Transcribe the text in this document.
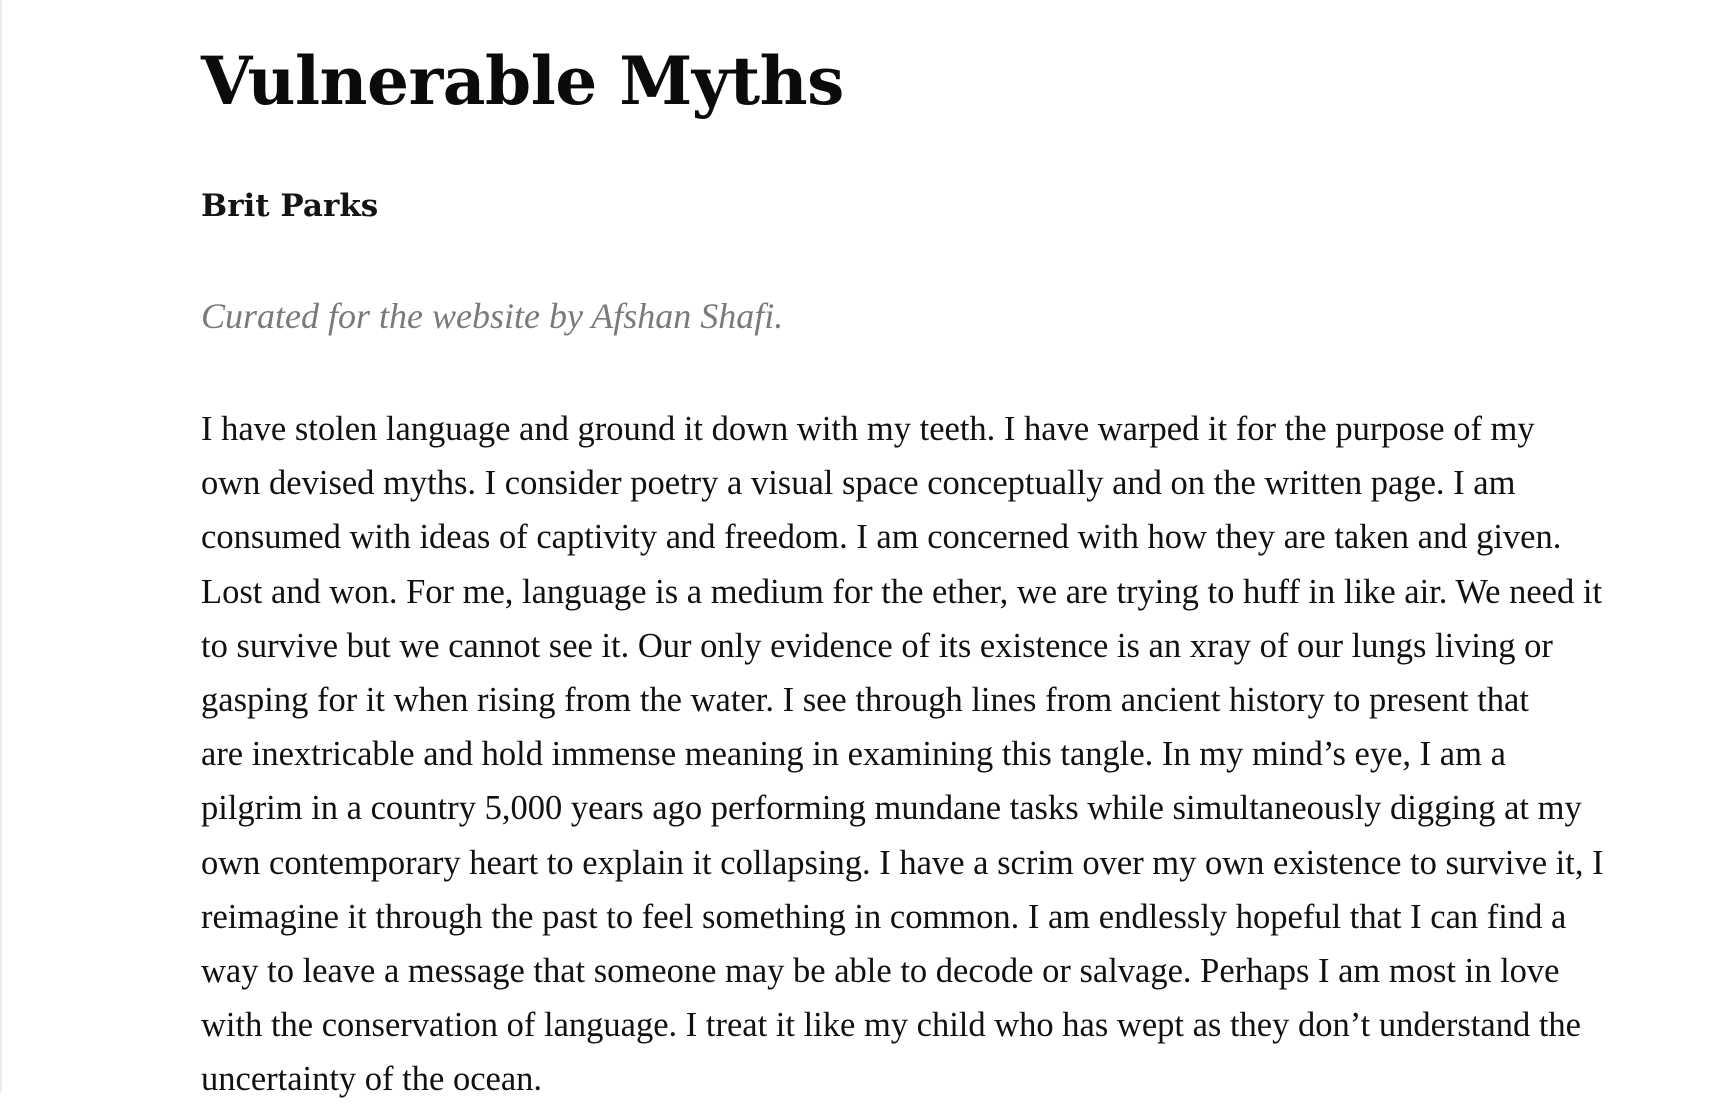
Vulnerable Myths
Brit Parks
Curated for the website by Afshan Shafi.

I have stolen language and ground it down with my teeth. I have warped it for the purpose of my
own devised myths. I consider poetry a visual space conceptually and on the written page. I am
consumed with ideas of captivity and freedom. I am concerned with how they are taken and given.
Lost and won. For me, language is a medium for the ether, we are trying to huff in like air. We need it
to survive but we cannot see it. Our only evidence of its existence is an xray of our lungs living or
gasping for it when rising from the water. I see through lines from ancient history to present that
are inextricable and hold immense meaning in examining this tangle. In my mind’s eye, I am a
pilgrim in a country 5,000 years ago performing mundane tasks while simultaneously digging at my
own contemporary heart to explain it collapsing. I have a scrim over my own existence to survive it, I
reimagine it through the past to feel something in common. I am endlessly hopeful that I can find a
way to leave a message that someone may be able to decode or salvage. Perhaps I am most in love
with the conservation of language. I treat it like my child who has wept as they don’t understand the
uncertainty of the ocean.
